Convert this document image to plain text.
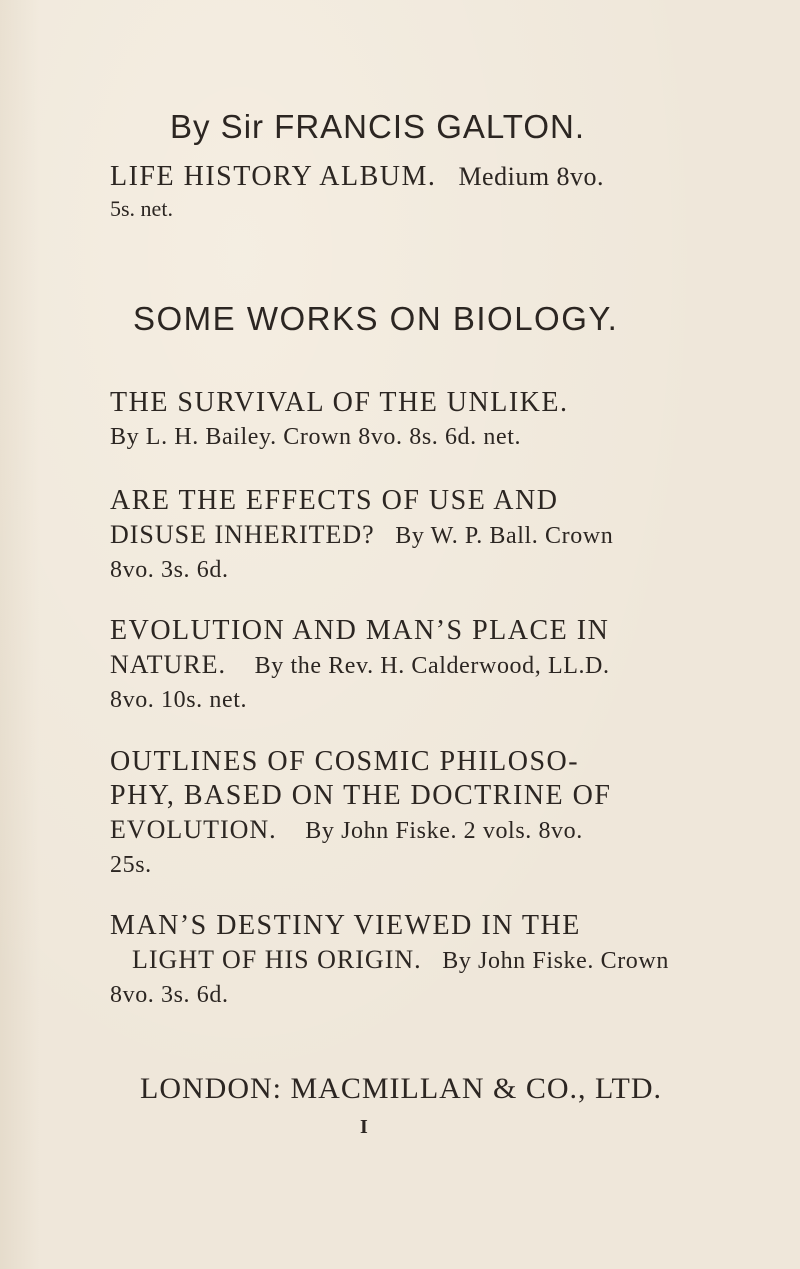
By Sir FRANCIS GALTON.
LIFE HISTORY ALBUM. Medium 8vo.
5s. net.
SOME WORKS ON BIOLOGY.
THE SURVIVAL OF THE UNLIKE.
By L. H. Bailey. Crown 8vo. 8s. 6d. net.
ARE THE EFFECTS OF USE AND
DISUSE INHERITED? By W. P. Ball. Crown
8vo. 3s. 6d.
EVOLUTION AND MAN’S PLACE IN
NATURE. By the Rev. H. Calderwood, LL.D.
8vo. 10s. net.
OUTLINES OF COSMIC PHILOSO-
PHY, BASED ON THE DOCTRINE OF
EVOLUTION. By John Fiske. 2 vols. 8vo.
25s.
MAN’S DESTINY VIEWED IN THE
LIGHT OF HIS ORIGIN. By John Fiske. Crown
8vo. 3s. 6d.
LONDON: MACMILLAN & CO., LTD.
I
